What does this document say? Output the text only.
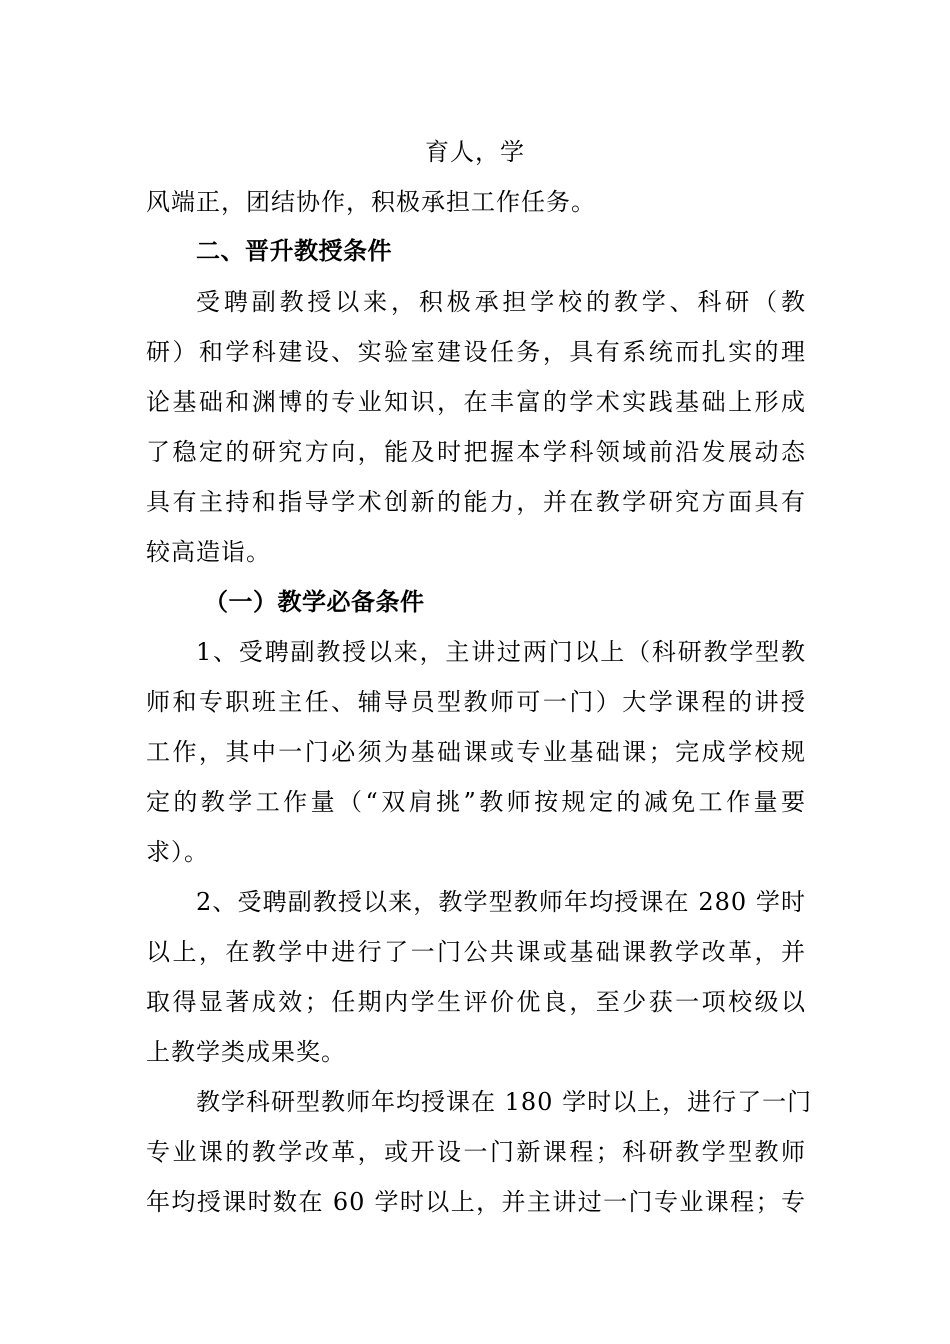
育人，学
风端正，团结协作，积极承担工作任务。
二、晋升教授条件
受聘副教授以来，积极承担学校的教学、科研（教
研）和学科建设、实验室建设任务，具有系统而扎实的理
论基础和渊博的专业知识，在丰富的学术实践基础上形成
了稳定的研究方向，能及时把握本学科领域前沿发展动态
具有主持和指导学术创新的能力，并在教学研究方面具有
较高造诣。
（一）教学必备条件
1、受聘副教授以来，主讲过两门以上（科研教学型教
师和专职班主任、辅导员型教师可一门）大学课程的讲授
工作，其中一门必须为基础课或专业基础课；完成学校规
定的教学工作量（“双肩挑”教师按规定的减免工作量要
求）。
2、受聘副教授以来，教学型教师年均授课在 280 学时
以上，在教学中进行了一门公共课或基础课教学改革，并
取得显著成效；任期内学生评价优良，至少获一项校级以
上教学类成果奖。
教学科研型教师年均授课在 180 学时以上，进行了一门
专业课的教学改革，或开设一门新课程；科研教学型教师
年均授课时数在 60 学时以上，并主讲过一门专业课程；专
